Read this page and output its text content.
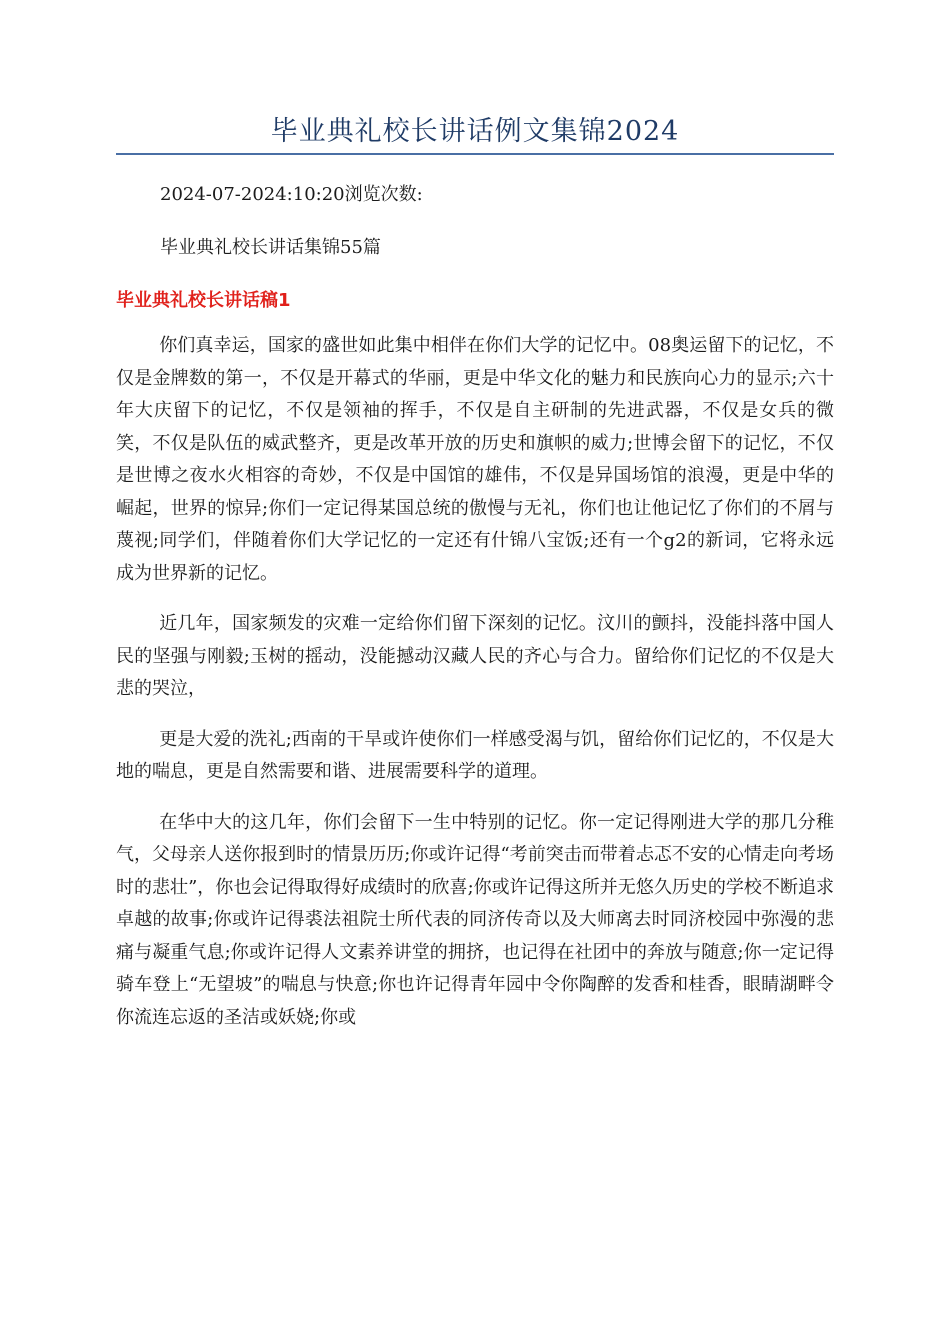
毕业典礼校长讲话例文集锦2024
2024-07-2024:10:20浏览次数:
毕业典礼校长讲话集锦55篇
毕业典礼校长讲话稿1

你们真幸运，国家的盛世如此集中相伴在你们大学的记忆中。08奥运留下的记忆，不仅是金牌数的第一，不仅是开幕式的华丽，更是中华文化的魅力和民族向心力的显示;六十年大庆留下的记忆，不仅是领袖的挥手，不仅是自主研制的先进武器，不仅是女兵的微笑，不仅是队伍的威武整齐，更是改革开放的历史和旗帜的威力;世博会留下的记忆，不仅是世博之夜水火相容的奇妙，不仅是中国馆的雄伟，不仅是异国场馆的浪漫，更是中华的崛起，世界的惊异;你们一定记得某国总统的傲慢与无礼，你们也让他记忆了你们的不屑与蔑视;同学们，伴随着你们大学记忆的一定还有什锦八宝饭;还有一个g2的新词，它将永远成为世界新的记忆。

近几年，国家频发的灾难一定给你们留下深刻的记忆。汶川的颤抖，没能抖落中国人民的坚强与刚毅;玉树的摇动，没能撼动汉藏人民的齐心与合力。留给你们记忆的不仅是大悲的哭泣，

更是大爱的洗礼;西南的干旱或许使你们一样感受渴与饥，留给你们记忆的，不仅是大地的喘息，更是自然需要和谐、进展需要科学的道理。

在华中大的这几年，你们会留下一生中特别的记忆。你一定记得刚进大学的那几分稚气，父母亲人送你报到时的情景历历;你或许记得“考前突击而带着忐忑不安的心情走向考场时的悲壮”，你也会记得取得好成绩时的欣喜;你或许记得这所并无悠久历史的学校不断追求卓越的故事;你或许记得裘法祖院士所代表的同济传奇以及大师离去时同济校园中弥漫的悲痛与凝重气息;你或许记得人文素养讲堂的拥挤，也记得在社团中的奔放与随意;你一定记得骑车登上“无望坡”的喘息与快意;你也许记得青年园中令你陶醉的发香和桂香，眼睛湖畔令你流连忘返的圣洁或妖娆;你或
